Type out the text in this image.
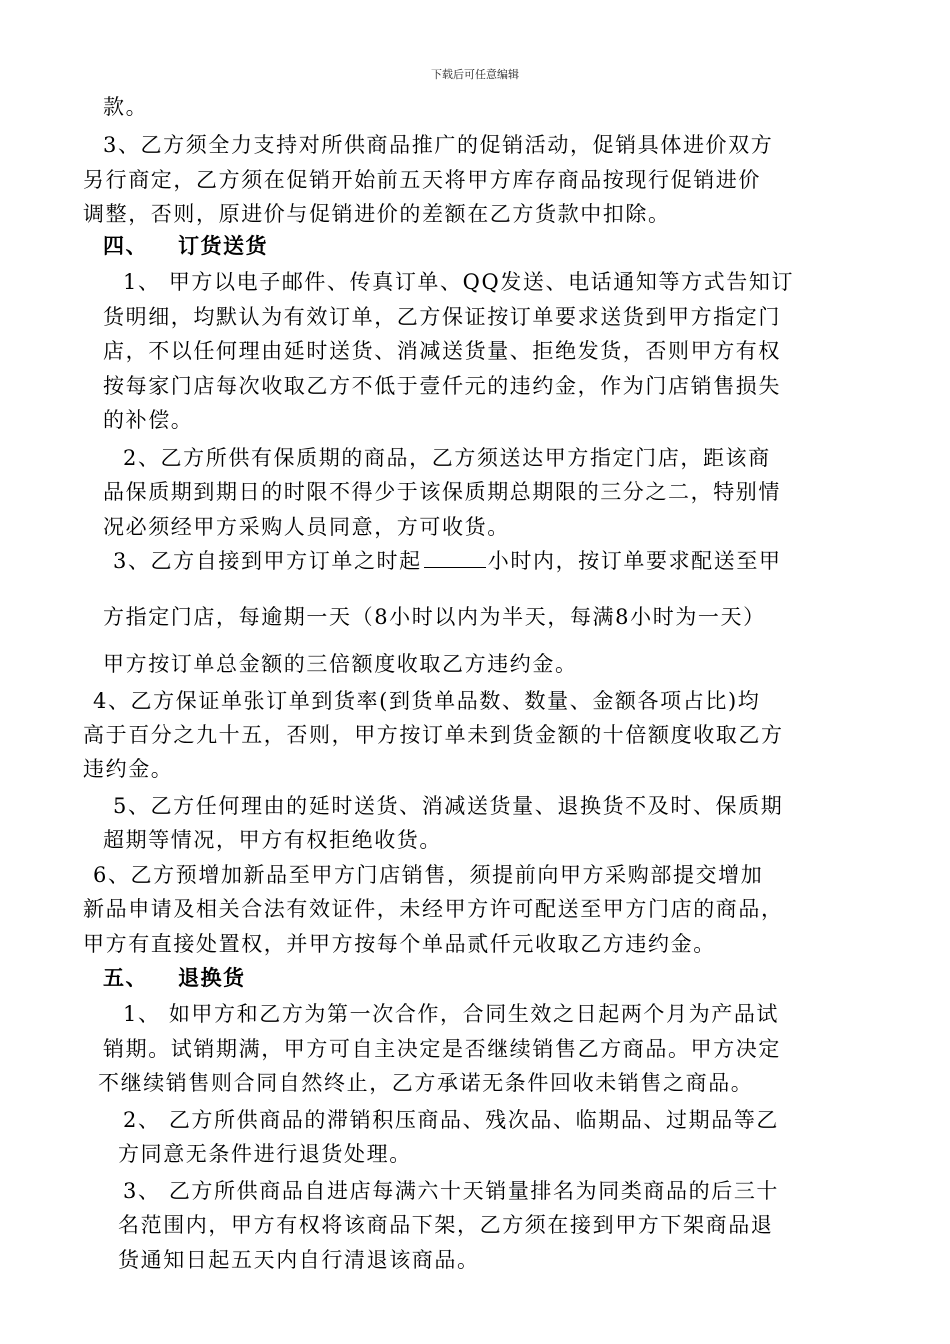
下载后可任意编辑
款。
3、乙方须全力支持对所供商品推广的促销活动，促销具体进价双方
另行商定，乙方须在促销开始前五天将甲方库存商品按现行促销进价
调整，否则，原进价与促销进价的差额在乙方货款中扣除。
四、 订货送货
1、 甲方以电子邮件、传真订单、QQ发送、电话通知等方式告知订
货明细，均默认为有效订单，乙方保证按订单要求送货到甲方指定门
店，不以任何理由延时送货、消减送货量、拒绝发货，否则甲方有权
按每家门店每次收取乙方不低于壹仟元的违约金，作为门店销售损失
的补偿。
2、乙方所供有保质期的商品，乙方须送达甲方指定门店，距该商
品保质期到期日的时限不得少于该保质期总期限的三分之二，特别情
况必须经甲方采购人员同意，方可收货。
3、乙方自接到甲方订单之时起	小时内，按订单要求配送至甲
方指定门店，每逾期一天（8小时以内为半天，每满8小时为一天）
甲方按订单总金额的三倍额度收取乙方违约金。
4、乙方保证单张订单到货率(到货单品数、数量、金额各项占比)均
高于百分之九十五，否则，甲方按订单未到货金额的十倍额度收取乙方
违约金。
5、乙方任何理由的延时送货、消减送货量、退换货不及时、保质期
超期等情况，甲方有权拒绝收货。
6、乙方预增加新品至甲方门店销售，须提前向甲方采购部提交增加
新品申请及相关合法有效证件，未经甲方许可配送至甲方门店的商品，
甲方有直接处置权，并甲方按每个单品贰仟元收取乙方违约金。
五、 退换货
1、 如甲方和乙方为第一次合作，合同生效之日起两个月为产品试
销期。试销期满，甲方可自主决定是否继续销售乙方商品。甲方决定
不继续销售则合同自然终止，乙方承诺无条件回收未销售之商品。
2、 乙方所供商品的滞销积压商品、残次品、临期品、过期品等乙
方同意无条件进行退货处理。
3、 乙方所供商品自进店每满六十天销量排名为同类商品的后三十
名范围内，甲方有权将该商品下架，乙方须在接到甲方下架商品退
货通知日起五天内自行清退该商品。
